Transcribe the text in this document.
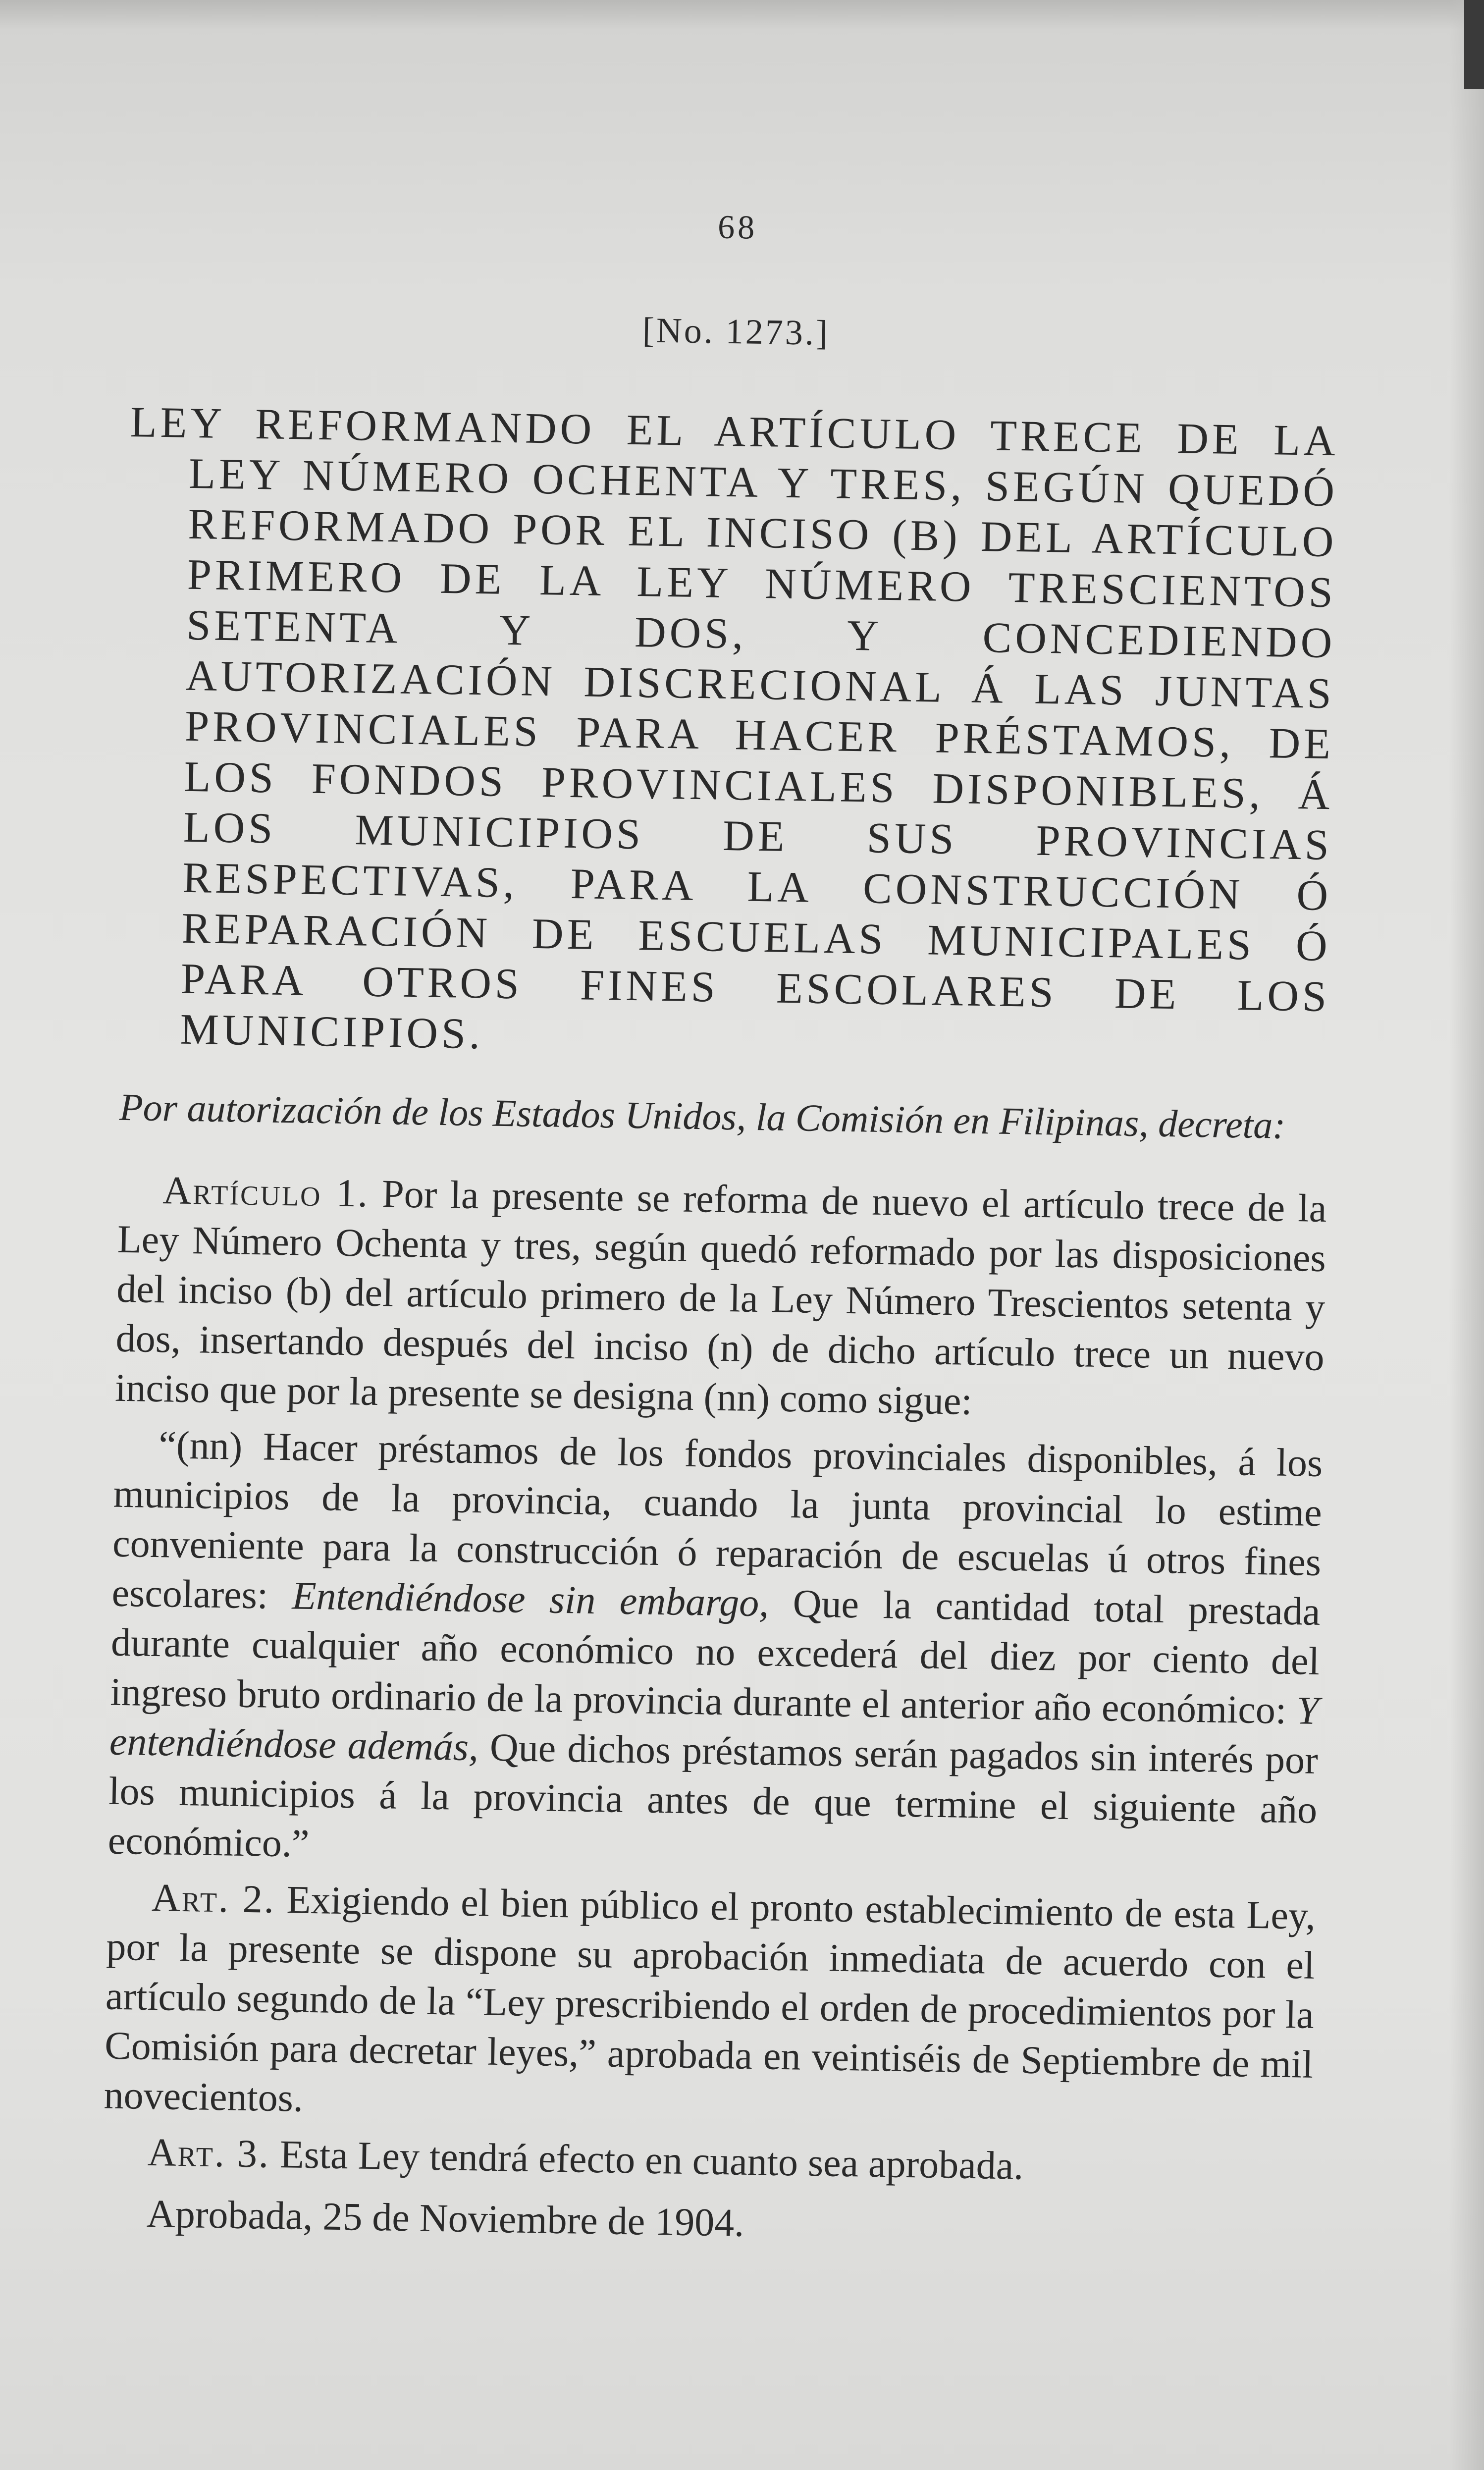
68
[No. 1273.]
LEY REFORMANDO EL ARTÍCULO TRECE DE LA LEY NÚMERO OCHENTA Y TRES, SEGÚN QUEDÓ REFORMADO POR EL INCISO (B) DEL ARTÍCULO PRIMERO DE LA LEY NÚMERO TRESCIENTOS SETENTA Y DOS, Y CONCEDIENDO AUTORIZACIÓN DISCRECIONAL Á LAS JUNTAS PROVINCIALES PARA HACER PRÉSTAMOS, DE LOS FONDOS PROVINCIALES DISPONIBLES, Á LOS MUNICIPIOS DE SUS PROVINCIAS RESPECTIVAS, PARA LA CONSTRUCCIÓN Ó REPARACIÓN DE ESCUELAS MUNICIPALES Ó PARA OTROS FINES ESCOLARES DE LOS MUNICIPIOS.
Por autorización de los Estados Unidos, la Comisión en Filipinas, decreta:

Artículo 1. Por la presente se reforma de nuevo el artículo trece de la Ley Número Ochenta y tres, según quedó reformado por las disposiciones del inciso (b) del artículo primero de la Ley Número Trescientos setenta y dos, insertando después del inciso (n) de dicho artículo trece un nuevo inciso que por la presente se designa (nn) como sigue:

“(nn) Hacer préstamos de los fondos provinciales disponibles, á los municipios de la provincia, cuando la junta provincial lo estime conveniente para la construcción ó reparación de escuelas ú otros fines escolares: Entendiéndose sin embargo, Que la cantidad total prestada durante cualquier año económico no excederá del diez por ciento del ingreso bruto ordinario de la provincia durante el anterior año económico: Y entendiéndose además, Que dichos préstamos serán pagados sin interés por los municipios á la provincia antes de que termine el siguiente año económico.”

Art. 2. Exigiendo el bien público el pronto establecimiento de esta Ley, por la presente se dispone su aprobación inmediata de acuerdo con el artículo segundo de la “Ley prescribiendo el orden de procedimientos por la Comisión para decretar leyes,” aprobada en veintiséis de Septiembre de mil novecientos.

Art. 3. Esta Ley tendrá efecto en cuanto sea aprobada.

Aprobada, 25 de Noviembre de 1904.
